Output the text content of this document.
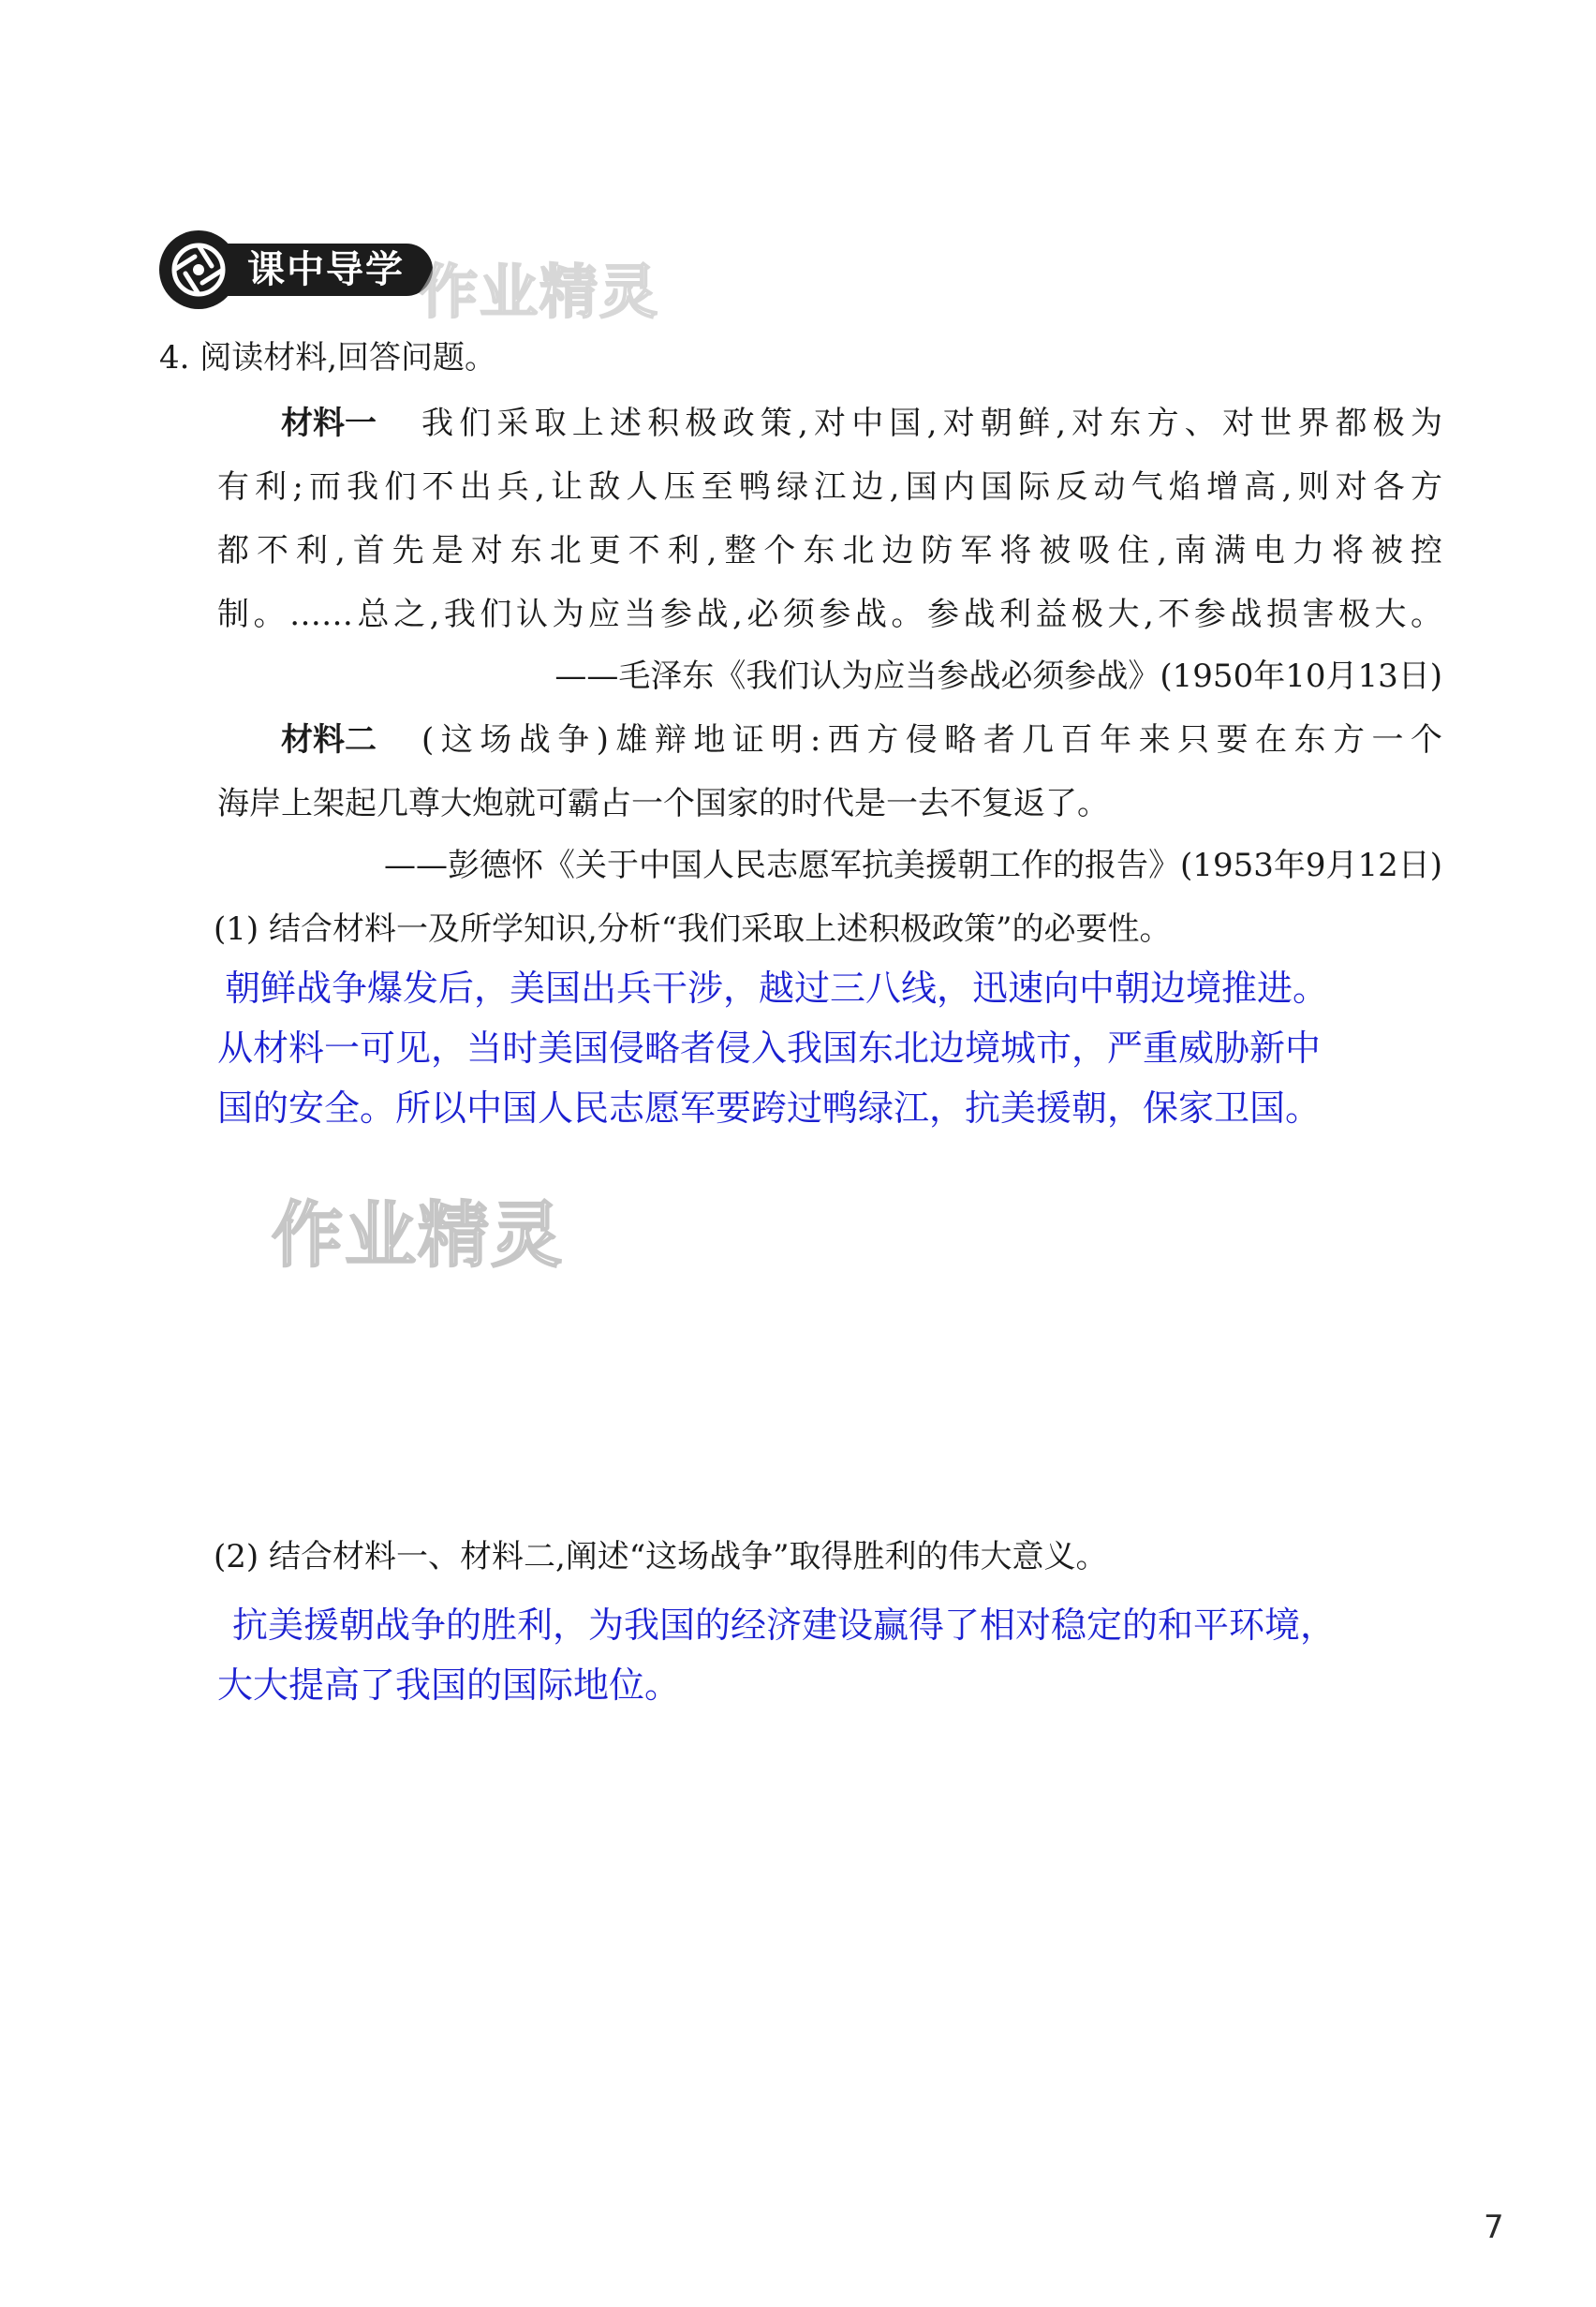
课中导学 作业精灵
作业精灵
4. 阅读材料,回答问题。
材料一	我们采取上述积极政策,对中国,对朝鲜,对东方、对世界都极为
有利;而我们不出兵,让敌人压至鸭绿江边,国内国际反动气焰增高,则对各方
都不利,首先是对东北更不利,整个东北边防军将被吸住,南满电力将被控
制。……总之,我们认为应当参战,必须参战。参战利益极大,不参战损害极大。
——毛泽东《我们认为应当参战必须参战》(1950年10月13日)
材料二	(这场战争)雄辩地证明:西方侵略者几百年来只要在东方一个
海岸上架起几尊大炮就可霸占一个国家的时代是一去不复返了。
——彭德怀《关于中国人民志愿军抗美援朝工作的报告》(1953年9月12日)
(1) 结合材料一及所学知识,分析“我们采取上述积极政策”的必要性。
朝鲜战争爆发后，美国出兵干涉，越过三八线，迅速向中朝边境推进。
从材料一可见，当时美国侵略者侵入我国东北边境城市，严重威胁新中
国的安全。所以中国人民志愿军要跨过鸭绿江，抗美援朝，保家卫国。
(2) 结合材料一、材料二,阐述“这场战争”取得胜利的伟大意义。
抗美援朝战争的胜利，为我国的经济建设赢得了相对稳定的和平环境，
大大提高了我国的国际地位。
7
